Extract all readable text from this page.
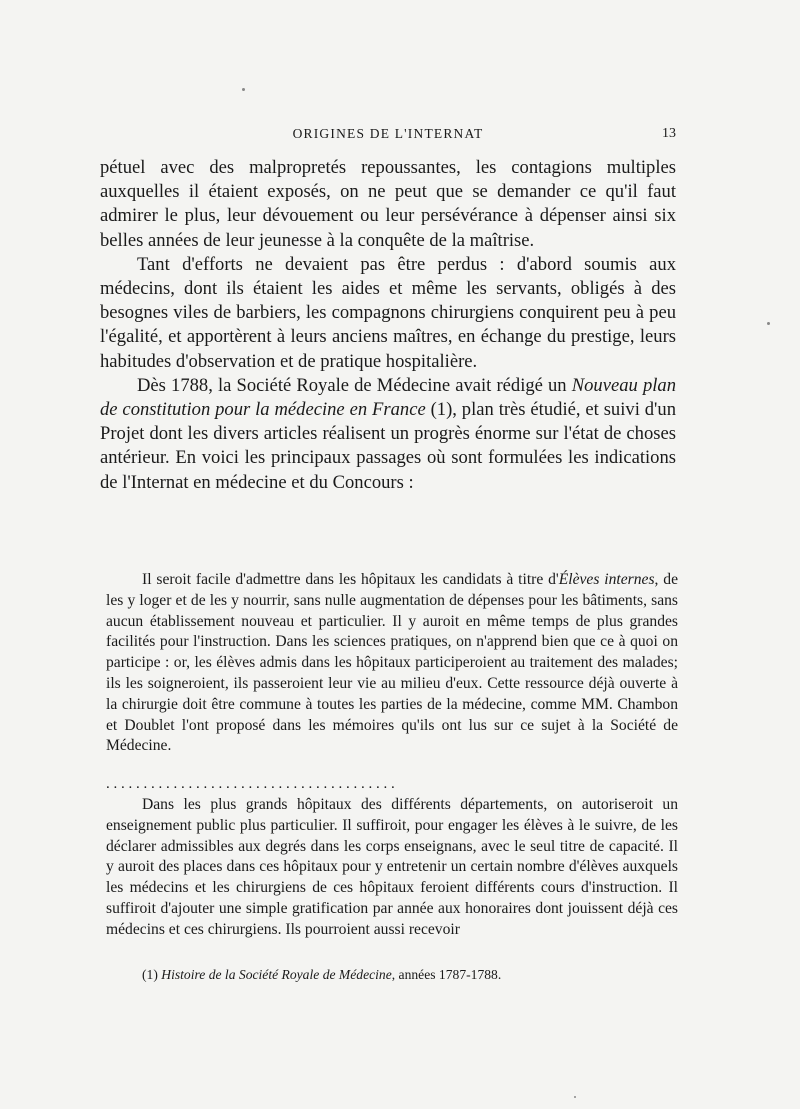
ORIGINES DE L'INTERNAT	13

pétuel avec des malpropretés repoussantes, les contagions multiples auxquelles il étaient exposés, on ne peut que se demander ce qu'il faut admirer le plus, leur dévouement ou leur persévérance à dépenser ainsi six belles années de leur jeunesse à la conquête de la maîtrise.

Tant d'efforts ne devaient pas être perdus : d'abord soumis aux médecins, dont ils étaient les aides et même les servants, obligés à des besognes viles de barbiers, les compagnons chirurgiens conquirent peu à peu l'égalité, et apportèrent à leurs anciens maîtres, en échange du prestige, leurs habitudes d'observation et de pratique hospitalière.

Dès 1788, la Société Royale de Médecine avait rédigé un Nouveau plan de constitution pour la médecine en France (1), plan très étudié, et suivi d'un Projet dont les divers articles réalisent un progrès énorme sur l'état de choses antérieur. En voici les principaux passages où sont formulées les indications de l'Internat en médecine et du Concours :

Il seroit facile d'admettre dans les hôpitaux les candidats à titre d'Élèves internes, de les y loger et de les y nourrir, sans nulle augmentation de dépenses pour les bâtiments, sans aucun établissement nouveau et particulier. Il y auroit en même temps de plus grandes facilités pour l'instruction. Dans les sciences pratiques, on n'apprend bien que ce à quoi on participe : or, les élèves admis dans les hôpitaux participeroient au traitement des malades; ils les soigneroient, ils passeroient leur vie au milieu d'eux. Cette ressource déjà ouverte à la chirurgie doit être commune à toutes les parties de la médecine, comme MM. Chambon et Doublet l'ont proposé dans les mémoires qu'ils ont lus sur ce sujet à la Société de Médecine.

. . . . . . . . . . . . . . . . . . . . . . . . . . . . . . . . . . . . . . .

Dans les plus grands hôpitaux des différents départements, on autoriseroit un enseignement public plus particulier. Il suffiroit, pour engager les élèves à le suivre, de les déclarer admissibles aux degrés dans les corps enseignans, avec le seul titre de capacité. Il y auroit des places dans ces hôpitaux pour y entretenir un certain nombre d'élèves auxquels les médecins et les chirurgiens de ces hôpitaux feroient différents cours d'instruction. Il suffiroit d'ajouter une simple gratification par année aux honoraires dont jouissent déjà ces médecins et ces chirurgiens. Ils pourroient aussi recevoir

(1) Histoire de la Société Royale de Médecine, années 1787-1788.
